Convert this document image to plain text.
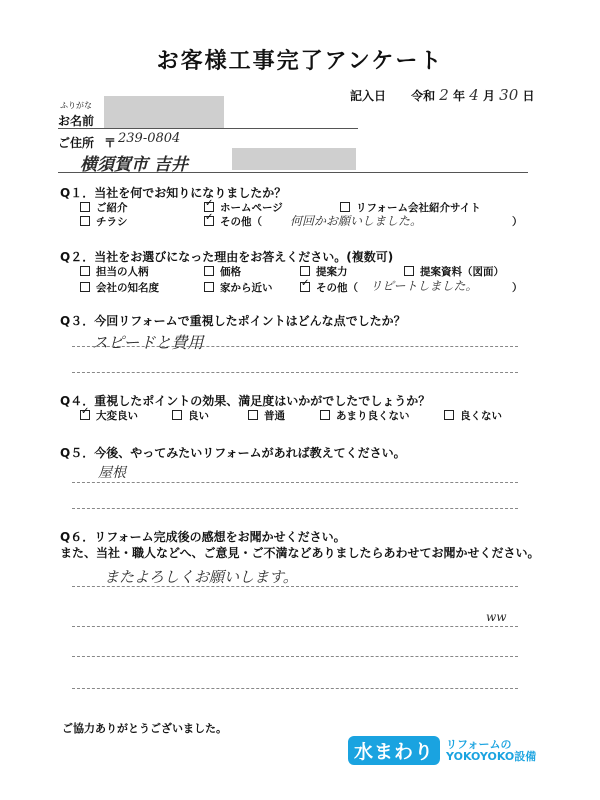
お客様工事完了アンケート
記入日 令和 2 年 4 月 30 日
ふりがな
お名前
ご住所 〒 239-0804
横須賀市 吉井
Q１．当社を何でお知りになりましたか？
ご紹介 ✓	ホームページ	リフォーム会社紹介サイト
チラシ ✓	その他（ 何回かお願いしました。	）
Q２．当社をお選びになった理由をお答えください。(複数可)
担当の人柄	価格	提案力	提案資料（図面）
会社の知名度	家から近い ✓	その他（ リピートしました。	）
Q３．今回リフォームで重視したポイントはどんな点でしたか？
スピードと費用
Q４．重視したポイントの効果、満足度はいかがでしたでしょうか？
✓大変良い	良い	普通	あまり良くない	良くない
Q５．今後、やってみたいリフォームがあれば教えてください。
屋根
Q６．リフォーム完成後の感想をお聞かせください。
また、当社・職人などへ、ご意見・ご不満などありましたらあわせてお聞かせください。
またよろしくお願いします。
ww
ご協力ありがとうございました。
水まわり	リフォームの
YOKOYOKO設備
